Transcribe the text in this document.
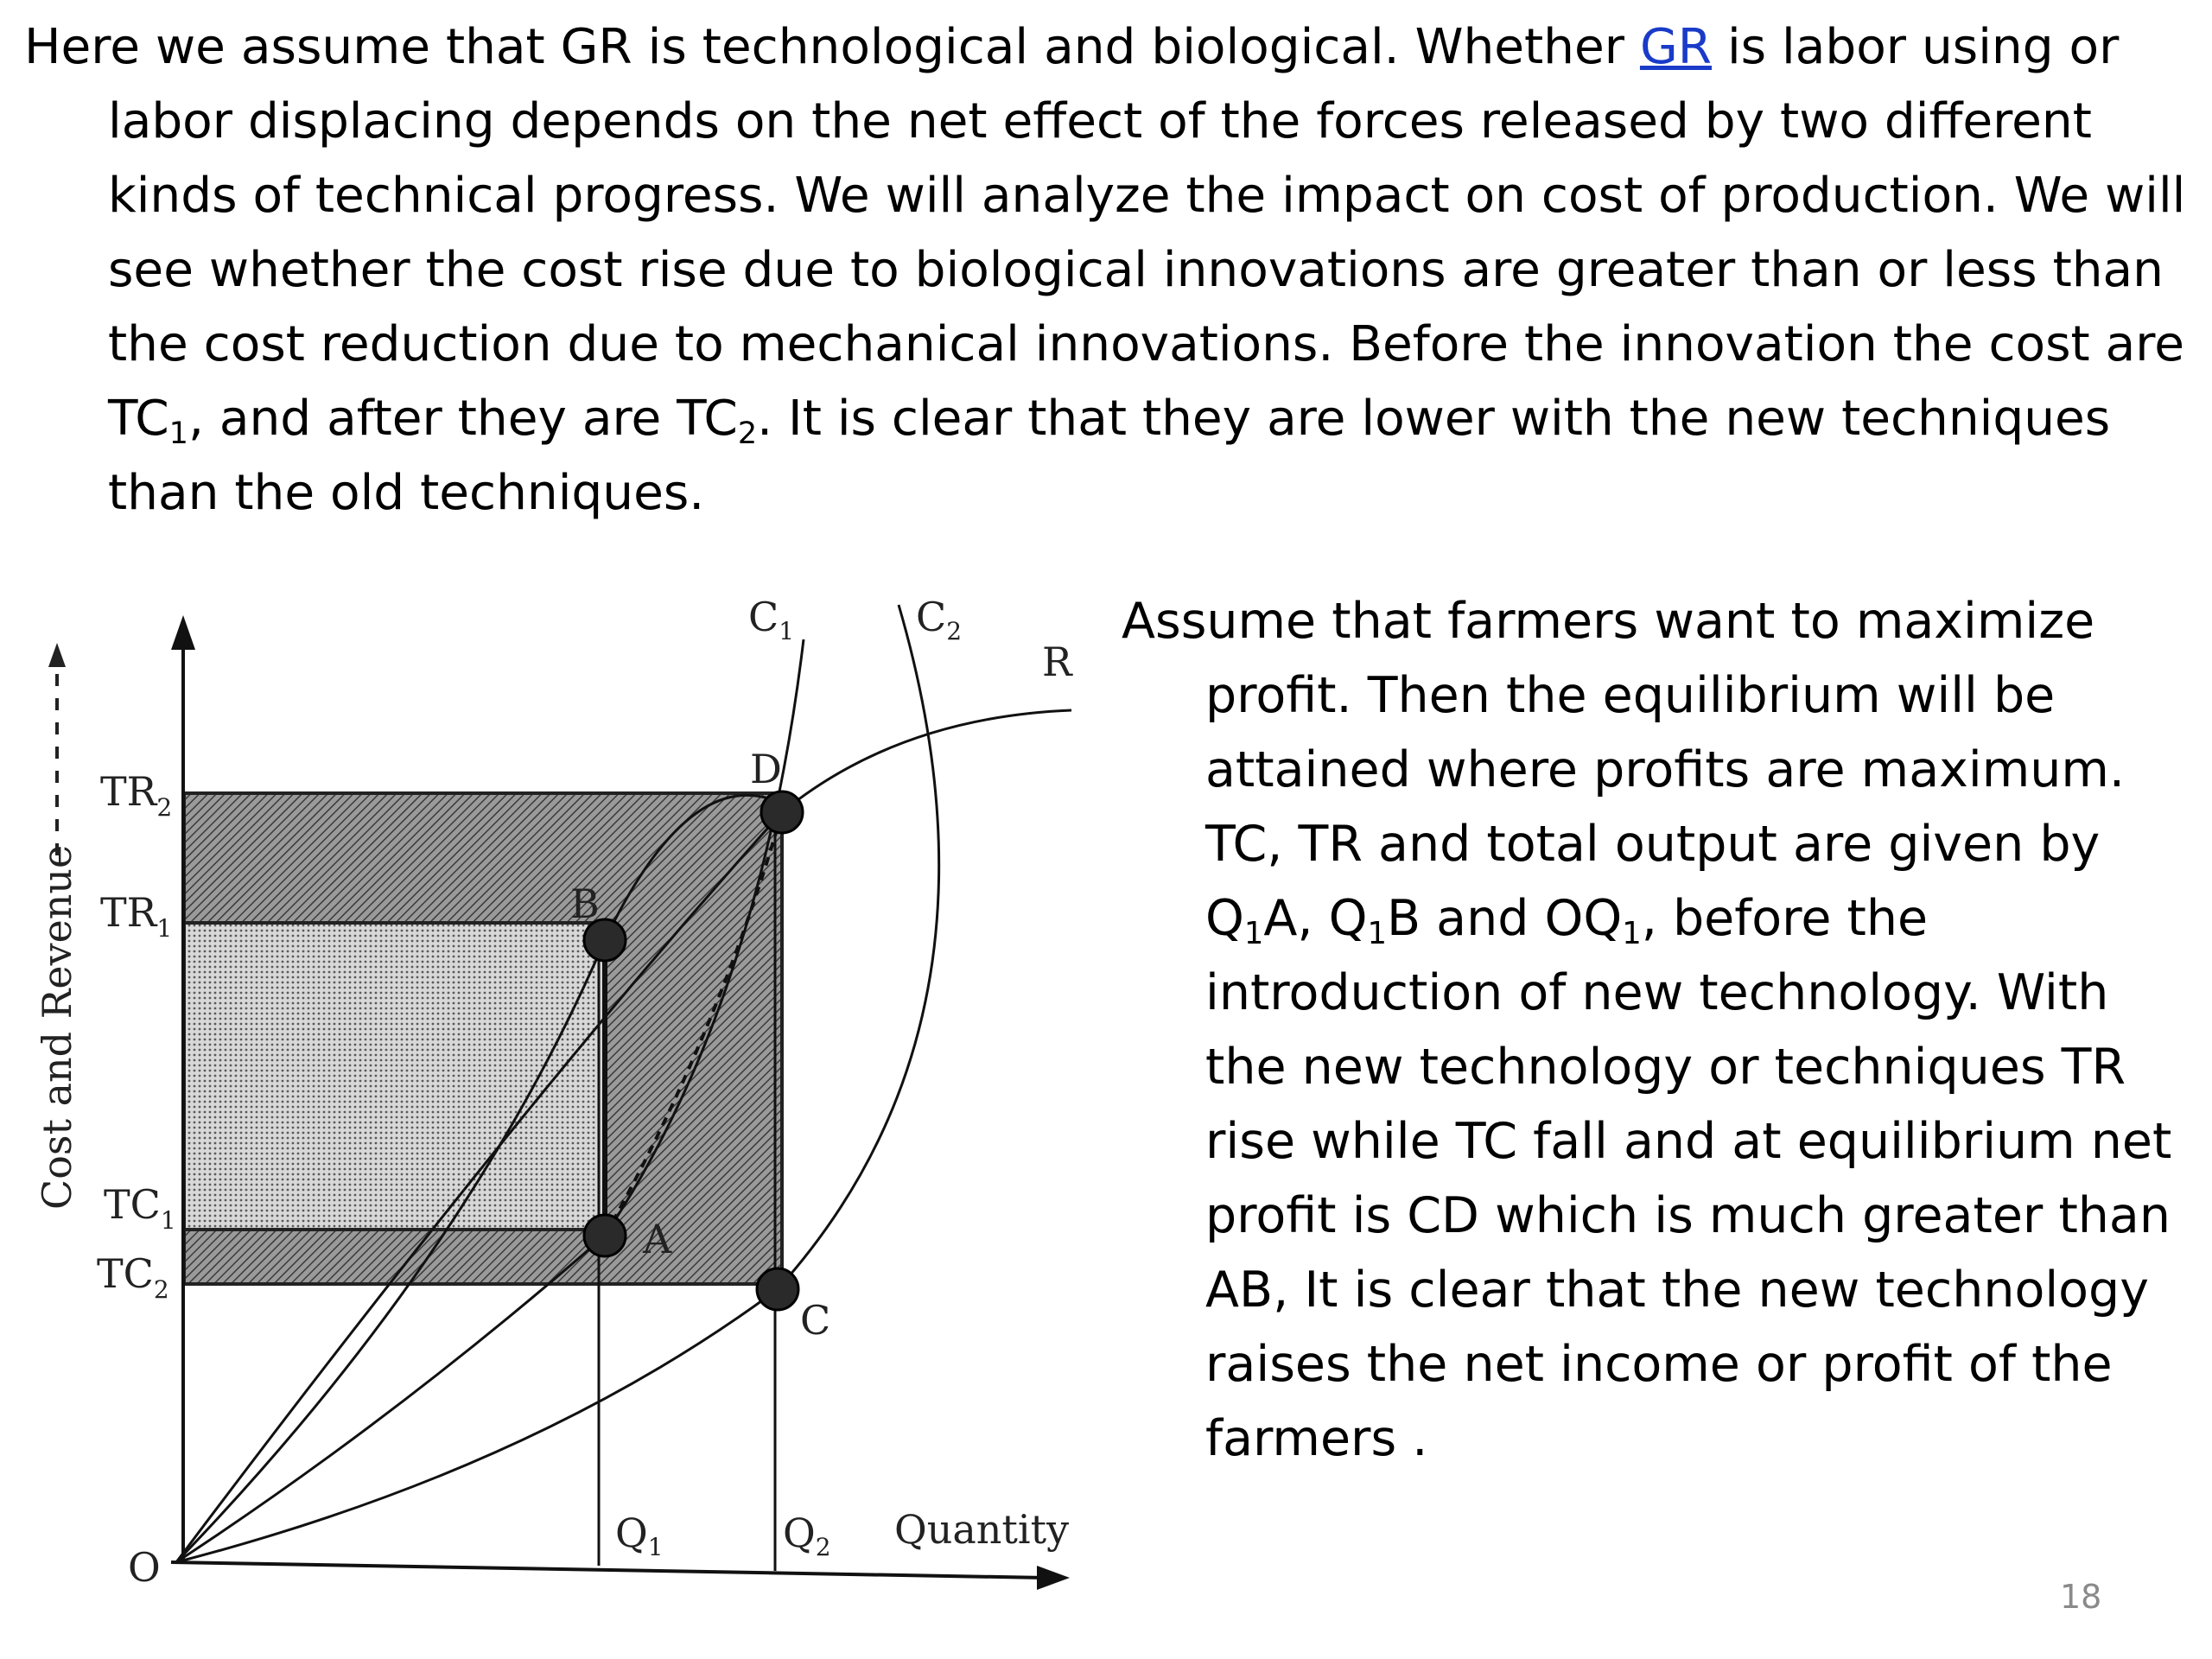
Here we assume that GR is technological and biological. Whether GR is labor using or labor displacing depends on the net effect of the forces released by two different kinds of technical progress. We will analyze the impact on cost of production. We will see whether the cost rise due to biological innovations are greater than or less than the cost reduction due to mechanical innovations. Before the innovation the cost are $TC_1$, and after they are $TC_2$. It is clear that they are lower with the new techniques than the old techniques.

Assume that farmers want to maximize profit. Then the equilibrium will be attained where profits are maximum. TC, TR and total output are given by $Q_1A$, $Q_1B$ and $OQ_1$, before the introduction of new technology. With the new technology or techniques TR rise while TC fall and at equilibrium net profit is CD which is much greater than AB, It is clear that the new technology raises the net income or profit of the farmers .

Cost and Revenue
$TR_2$
$TR_1$
$TC_1$
$TC_2$
$Q_1$	$Q_2$ Quantity
O
$C_1$	$C_2$
R
A
B
C
D
18
